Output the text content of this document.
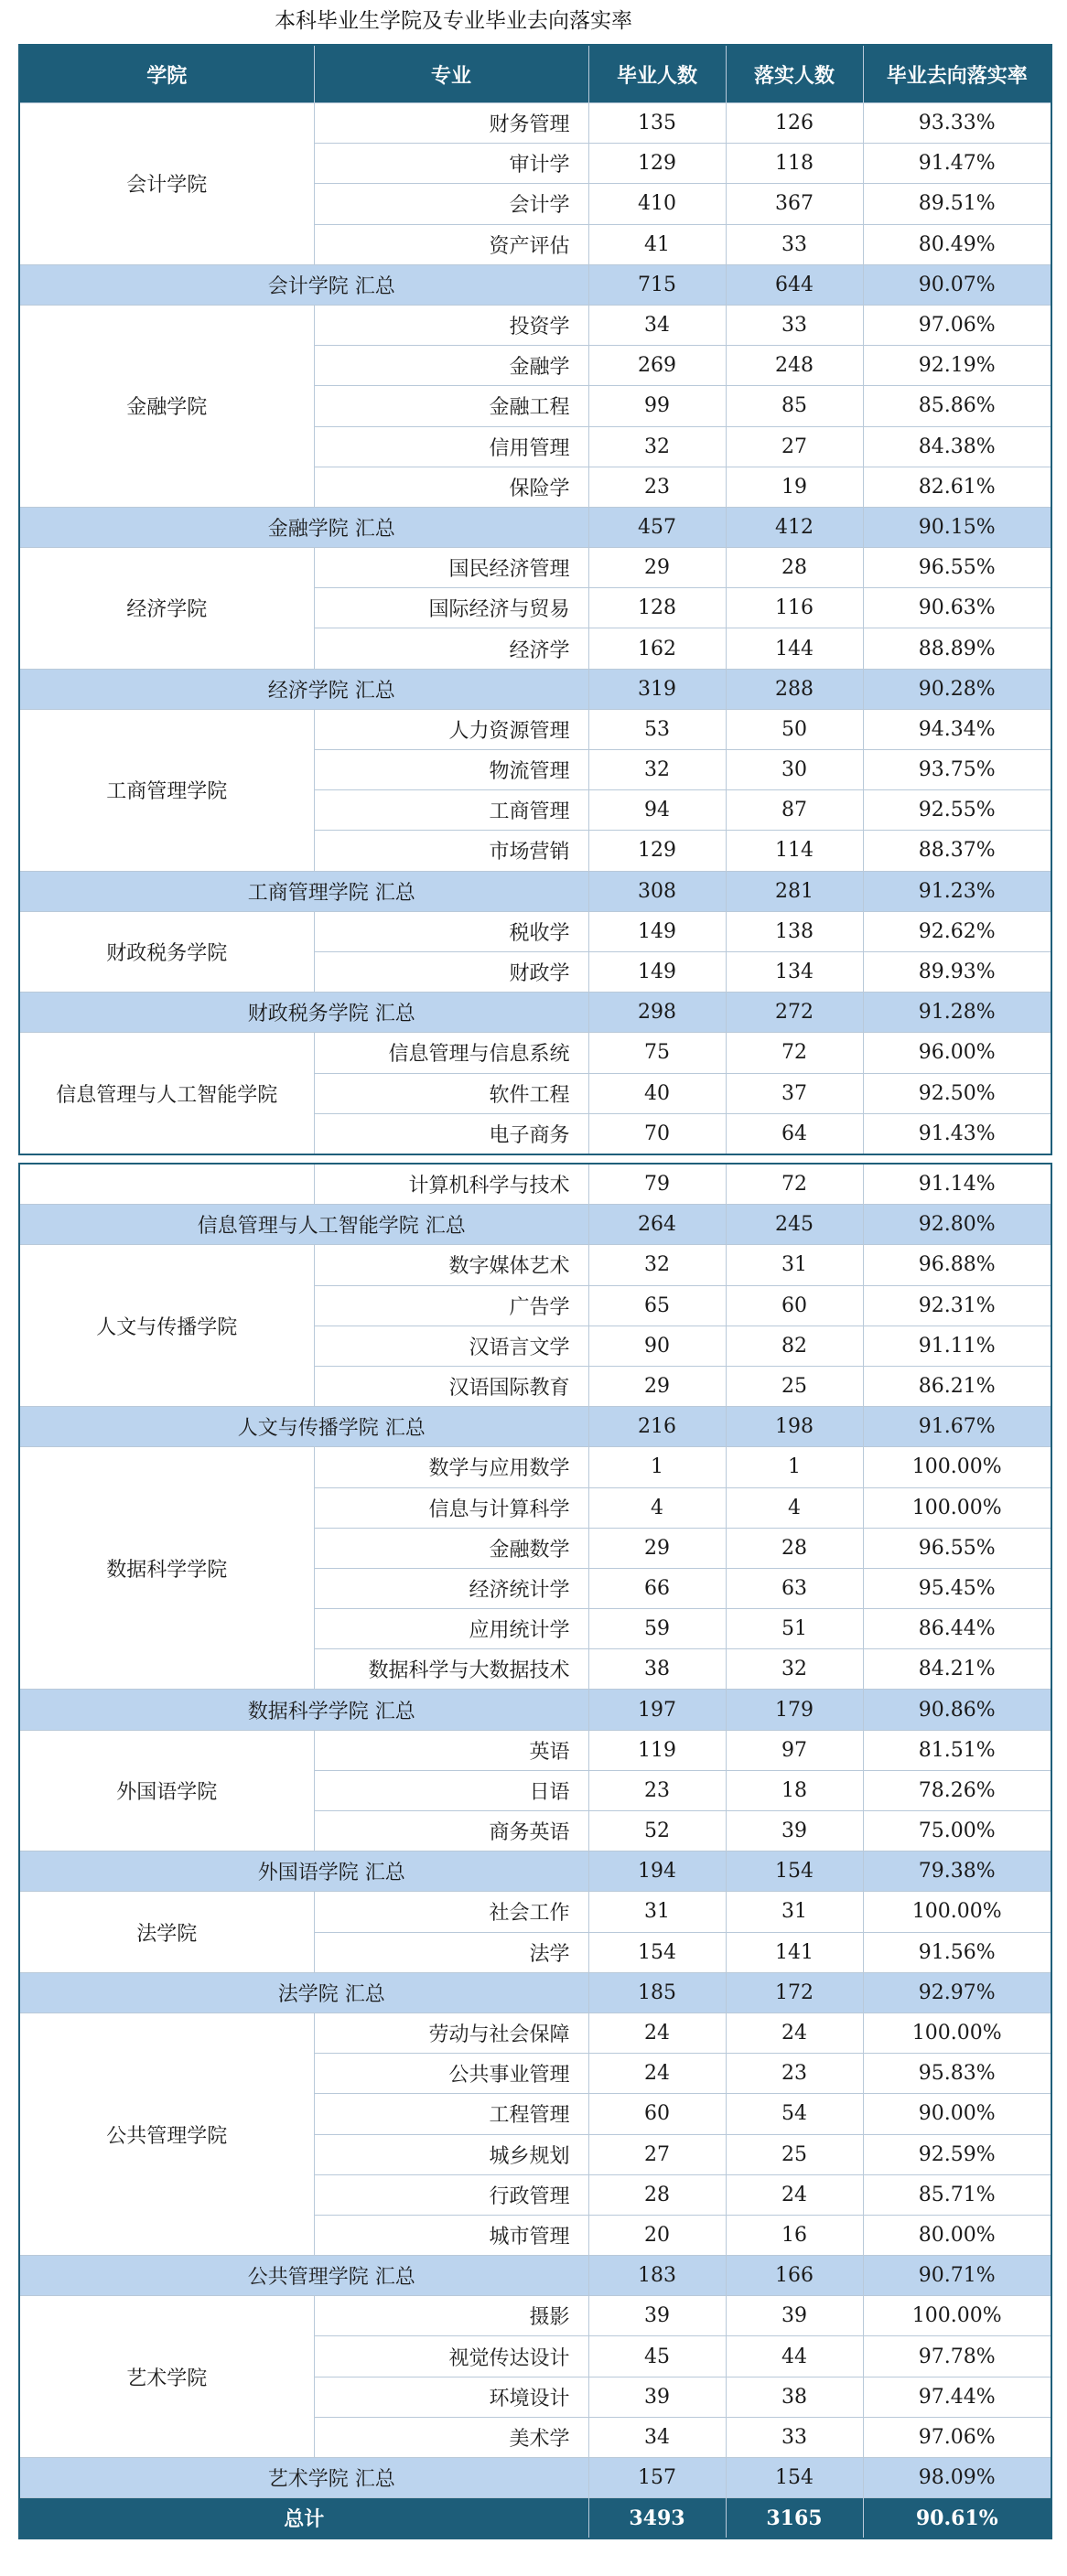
本科毕业生学院及专业毕业去向落实率
学院	专业	毕业人数	落实人数	毕业去向落实率
会计学院	财务管理	135	126	93.33%
	审计学	129	118	91.47%
	会计学	410	367	89.51%
	资产评估	41	33	80.49%
会计学院 汇总		715	644	90.07%
金融学院	投资学	34	33	97.06%
	金融学	269	248	92.19%
	金融工程	99	85	85.86%
	信用管理	32	27	84.38%
	保险学	23	19	82.61%
金融学院 汇总		457	412	90.15%
经济学院	国民经济管理	29	28	96.55%
	国际经济与贸易	128	116	90.63%
	经济学	162	144	88.89%
经济学院 汇总		319	288	90.28%
工商管理学院	人力资源管理	53	50	94.34%
	物流管理	32	30	93.75%
	工商管理	94	87	92.55%
	市场营销	129	114	88.37%
工商管理学院 汇总		308	281	91.23%
财政税务学院	税收学	149	138	92.62%
	财政学	149	134	89.93%
财政税务学院 汇总		298	272	91.28%
信息管理与人工智能学院	信息管理与信息系统	75	72	96.00%
	软件工程	40	37	92.50%
	电子商务	70	64	91.43%
	计算机科学与技术	79	72	91.14%
信息管理与人工智能学院 汇总		264	245	92.80%
人文与传播学院	数字媒体艺术	32	31	96.88%
	广告学	65	60	92.31%
	汉语言文学	90	82	91.11%
	汉语国际教育	29	25	86.21%
人文与传播学院 汇总		216	198	91.67%
数据科学学院	数学与应用数学	1	1	100.00%
	信息与计算科学	4	4	100.00%
	金融数学	29	28	96.55%
	经济统计学	66	63	95.45%
	应用统计学	59	51	86.44%
	数据科学与大数据技术	38	32	84.21%
数据科学学院 汇总		197	179	90.86%
外国语学院	英语	119	97	81.51%
	日语	23	18	78.26%
	商务英语	52	39	75.00%
外国语学院 汇总		194	154	79.38%
法学院	社会工作	31	31	100.00%
	法学	154	141	91.56%
法学院 汇总		185	172	92.97%
公共管理学院	劳动与社会保障	24	24	100.00%
	公共事业管理	24	23	95.83%
	工程管理	60	54	90.00%
	城乡规划	27	25	92.59%
	行政管理	28	24	85.71%
	城市管理	20	16	80.00%
公共管理学院 汇总		183	166	90.71%
艺术学院	摄影	39	39	100.00%
	视觉传达设计	45	44	97.78%
	环境设计	39	38	97.44%
	美术学	34	33	97.06%
艺术学院 汇总		157	154	98.09%
总计		3493	3165	90.61%
